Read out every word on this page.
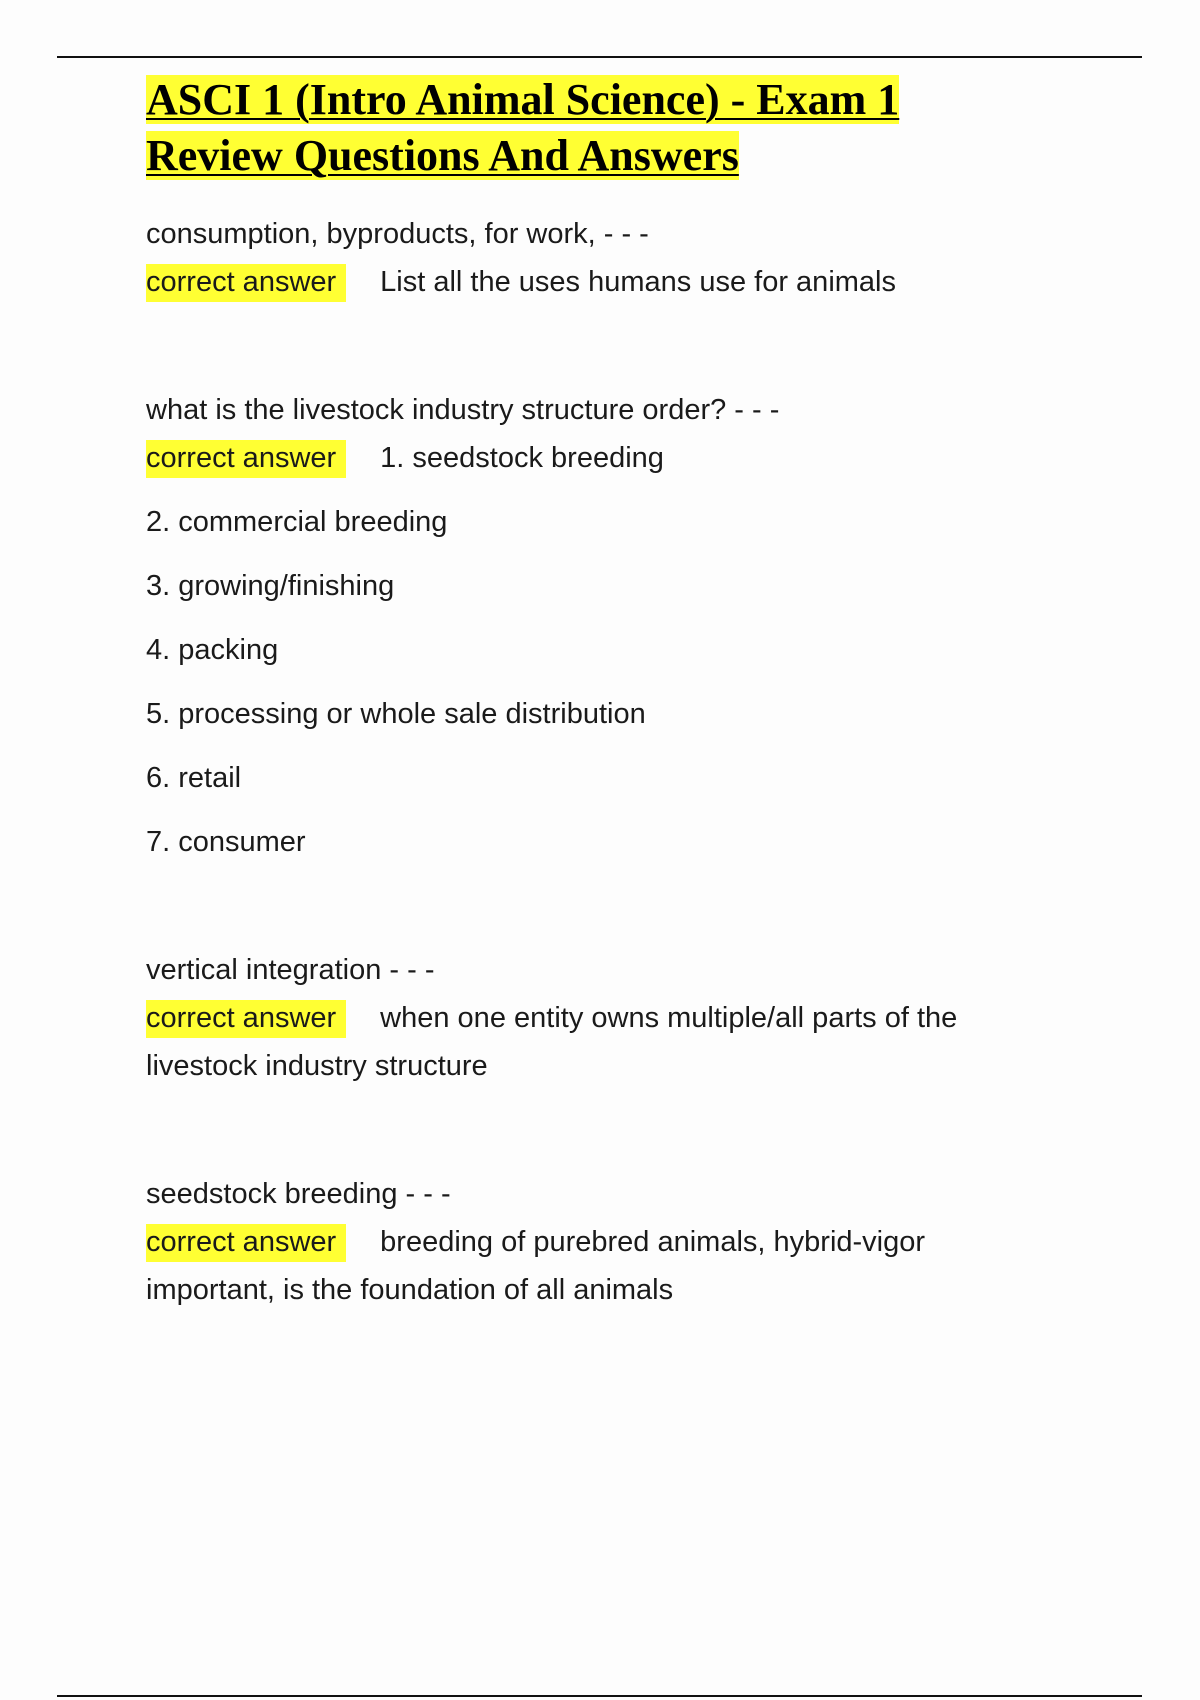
ASCI 1 (Intro Animal Science) - Exam 1
Review Questions And Answers
consumption, byproducts, for work, - - -
correct answer List all the uses humans use for animals
what is the livestock industry structure order? - - -
correct answer 1. seedstock breeding
2. commercial breeding
3. growing/finishing
4. packing
5. processing or whole sale distribution
6. retail
7. consumer
vertical integration - - -
correct answer when one entity owns multiple/all parts of the
livestock industry structure
seedstock breeding - - -
correct answer breeding of purebred animals, hybrid-vigor
important, is the foundation of all animals
